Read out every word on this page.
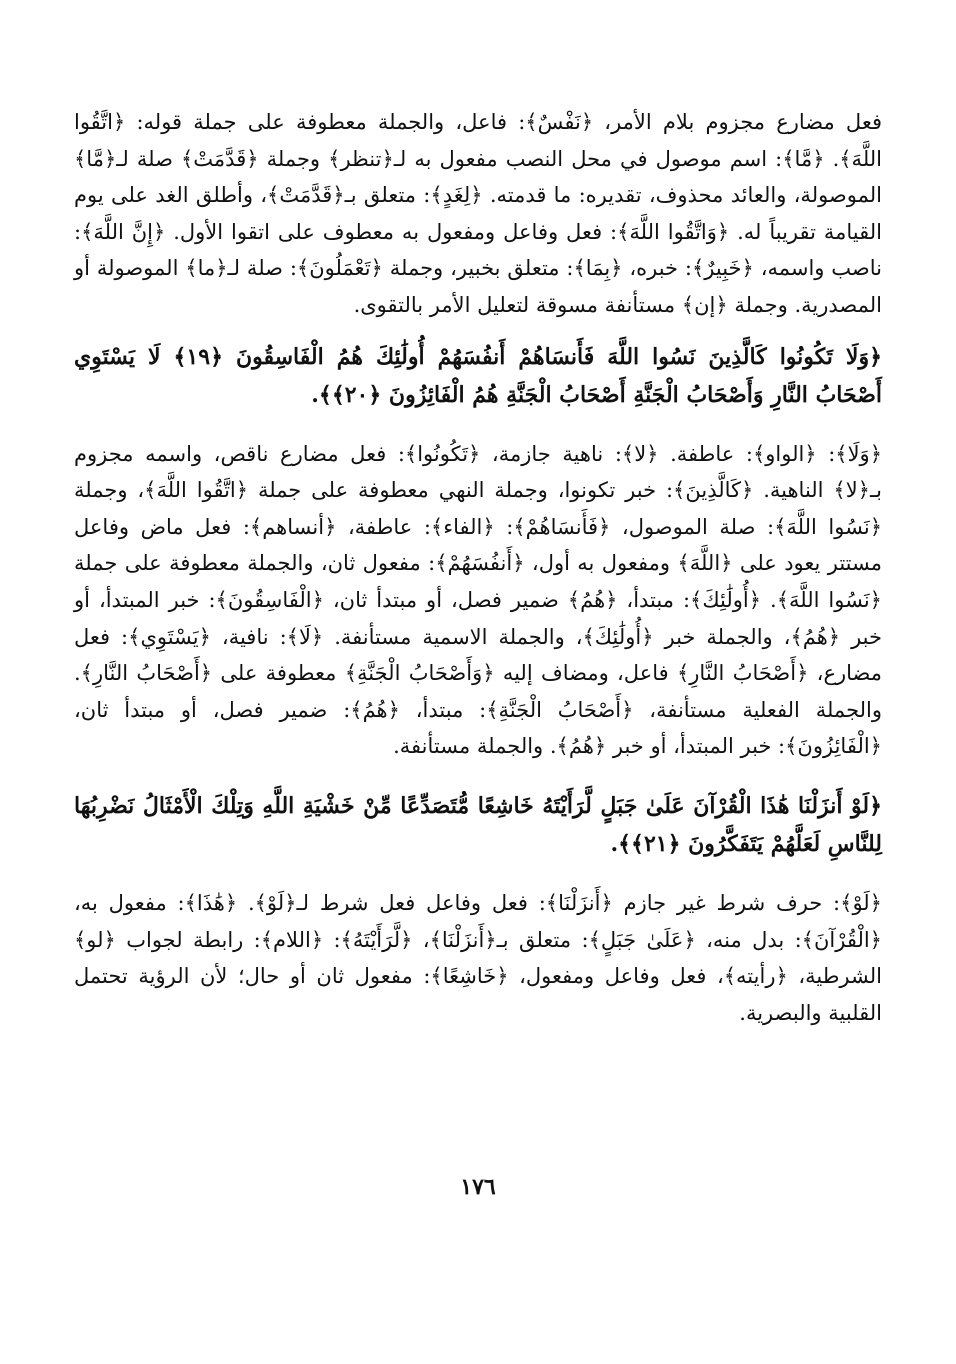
فعل مضارع مجزوم بلام الأمر، ﴿نَفْسٌ﴾: فاعل، والجملة معطوفة على جملة قوله: ﴿اتَّقُوا اللَّهَ﴾. ﴿مَّا﴾: اسم موصول في محل النصب مفعول به لـ﴿تنظر﴾ وجملة ﴿قَدَّمَتْ﴾ صلة لـ﴿مَّا﴾ الموصولة، والعائد محذوف، تقديره: ما قدمته. ﴿لِغَدٍ﴾: متعلق بـ﴿قَدَّمَتْ﴾، وأطلق الغد على يوم القيامة تقريباً له. ﴿وَاتَّقُوا اللَّهَ﴾: فعل وفاعل ومفعول به معطوف على اتقوا الأول. ﴿إِنَّ اللَّهَ﴾: ناصب واسمه، ﴿خَبِيرٌ﴾: خبره، ﴿بِمَا﴾: متعلق بخبير، وجملة ﴿تَعْمَلُونَ﴾: صلة لـ﴿ما﴾ الموصولة أو المصدرية. وجملة ﴿إن﴾ مستأنفة مسوقة لتعليل الأمر بالتقوى.

﴿وَلَا تَكُونُوا كَالَّذِينَ نَسُوا اللَّهَ فَأَنسَاهُمْ أَنفُسَهُمْ أُولَٰئِكَ هُمُ الْفَاسِقُونَ ﴿١٩﴾ لَا يَسْتَوِي أَصْحَابُ النَّارِ وَأَصْحَابُ الْجَنَّةِ أَصْحَابُ الْجَنَّةِ هُمُ الْفَائِزُونَ ﴿٢٠﴾﴾.

﴿وَلَا﴾: ﴿الواو﴾: عاطفة. ﴿لا﴾: ناهية جازمة، ﴿تَكُونُوا﴾: فعل مضارع ناقص، واسمه مجزوم بـ﴿لا﴾ الناهية. ﴿كَالَّذِينَ﴾: خبر تكونوا، وجملة النهي معطوفة على جملة ﴿اتَّقُوا اللَّهَ﴾، وجملة ﴿نَسُوا اللَّهَ﴾: صلة الموصول، ﴿فَأَنسَاهُمْ﴾: ﴿الفاء﴾: عاطفة، ﴿أنساهم﴾: فعل ماض وفاعل مستتر يعود على ﴿اللَّهَ﴾ ومفعول به أول، ﴿أَنفُسَهُمْ﴾: مفعول ثان، والجملة معطوفة على جملة ﴿نَسُوا اللَّهَ﴾. ﴿أُولَٰئِكَ﴾: مبتدأ، ﴿هُمُ﴾ ضمير فصل، أو مبتدأ ثان، ﴿الْفَاسِقُونَ﴾: خبر المبتدأ، أو خبر ﴿هُمُ﴾، والجملة خبر ﴿أُولَٰئِكَ﴾، والجملة الاسمية مستأنفة. ﴿لَا﴾: نافية، ﴿يَسْتَوِي﴾: فعل مضارع، ﴿أَصْحَابُ النَّارِ﴾ فاعل، ومضاف إليه ﴿وَأَصْحَابُ الْجَنَّةِ﴾ معطوفة على ﴿أَصْحَابُ النَّارِ﴾. والجملة الفعلية مستأنفة، ﴿أَصْحَابُ الْجَنَّةِ﴾: مبتدأ، ﴿هُمُ﴾: ضمير فصل، أو مبتدأ ثان، ﴿الْفَائِزُونَ﴾: خبر المبتدأ، أو خبر ﴿هُمُ﴾. والجملة مستأنفة.

﴿لَوْ أَنزَلْنَا هَٰذَا الْقُرْآنَ عَلَىٰ جَبَلٍ لَّرَأَيْتَهُ خَاشِعًا مُّتَصَدِّعًا مِّنْ خَشْيَةِ اللَّهِ وَتِلْكَ الْأَمْثَالُ نَضْرِبُهَا لِلنَّاسِ لَعَلَّهُمْ يَتَفَكَّرُونَ ﴿٢١﴾﴾.

﴿لَوْ﴾: حرف شرط غير جازم ﴿أَنزَلْنَا﴾: فعل وفاعل فعل شرط لـ﴿لَوْ﴾. ﴿هَٰذَا﴾: مفعول به، ﴿الْقُرْآنَ﴾: بدل منه، ﴿عَلَىٰ جَبَلٍ﴾: متعلق بـ﴿أَنزَلْنَا﴾، ﴿لَّرَأَيْتَهُ﴾: ﴿اللام﴾: رابطة لجواب ﴿لو﴾ الشرطية، ﴿رأيته﴾، فعل وفاعل ومفعول، ﴿خَاشِعًا﴾: مفعول ثان أو حال؛ لأن الرؤية تحتمل القلبية والبصرية.

١٧٦
